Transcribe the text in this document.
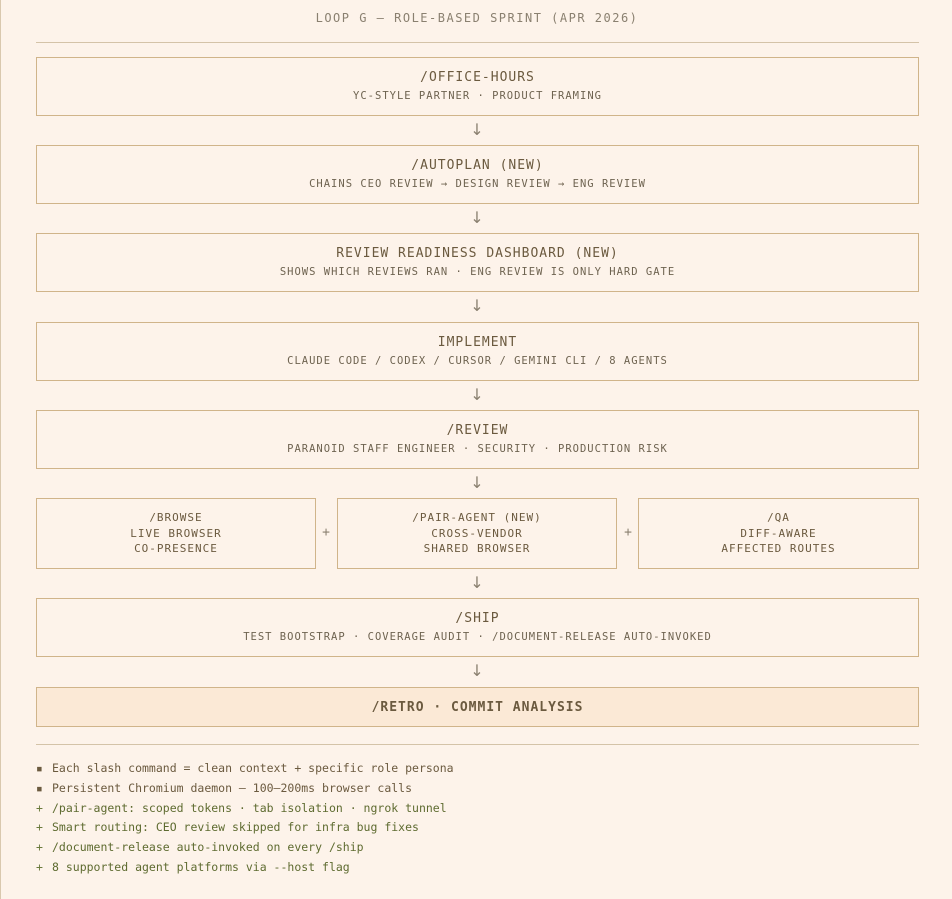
LOOP G — ROLE-BASED SPRINT (APR 2026)
/OFFICE-HOURS
YC-STYLE PARTNER · PRODUCT FRAMING
↓
/AUTOPLAN (NEW)
CHAINS CEO REVIEW → DESIGN REVIEW → ENG REVIEW
↓
REVIEW READINESS DASHBOARD (NEW)
SHOWS WHICH REVIEWS RAN · ENG REVIEW IS ONLY HARD GATE
↓
IMPLEMENT
CLAUDE CODE / CODEX / CURSOR / GEMINI CLI / 8 AGENTS
↓
/REVIEW
PARANOID STAFF ENGINEER · SECURITY · PRODUCTION RISK
↓
/BROWSE
LIVE BROWSER
CO-PRESENCE
+
/PAIR-AGENT (NEW)
CROSS-VENDOR
SHARED BROWSER
+
/QA
DIFF-AWARE
AFFECTED ROUTES
↓
/SHIP
TEST BOOTSTRAP · COVERAGE AUDIT · /DOCUMENT-RELEASE AUTO-INVOKED
↓
/RETRO · COMMIT ANALYSIS
▪ Each slash command = clean context + specific role persona
▪ Persistent Chromium daemon — 100–200ms browser calls
+ /pair-agent: scoped tokens · tab isolation · ngrok tunnel
+ Smart routing: CEO review skipped for infra bug fixes
+ /document-release auto-invoked on every /ship
+ 8 supported agent platforms via --host flag
